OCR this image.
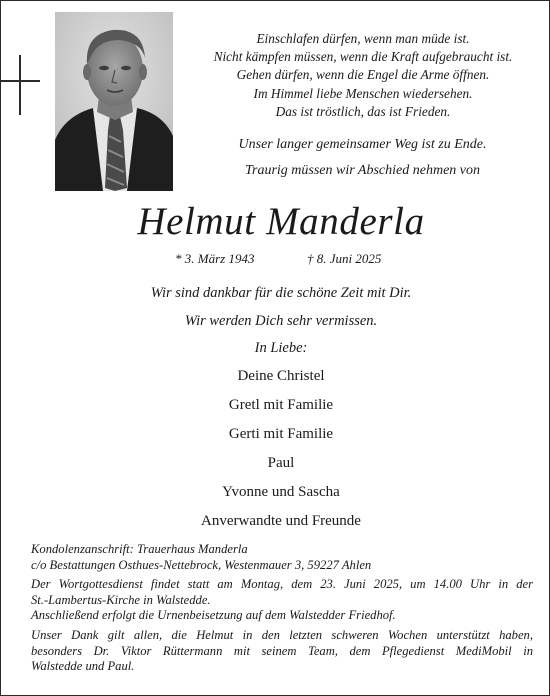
Einschlafen dürfen, wenn man müde ist.
Nicht kämpfen müssen, wenn die Kraft aufgebraucht ist.
Gehen dürfen, wenn die Engel die Arme öffnen.
Im Himmel liebe Menschen wiedersehen.
Das ist tröstlich, das ist Frieden.
Unser langer gemeinsamer Weg ist zu Ende.
Traurig müssen wir Abschied nehmen von
Helmut Manderla
* 3. März 1943	† 8. Juni 2025
Wir sind dankbar für die schöne Zeit mit Dir.
Wir werden Dich sehr vermissen.
In Liebe:
Deine Christel
Gretl mit Familie
Gerti mit Familie
Paul
Yvonne und Sascha
Anverwandte und Freunde
Kondolenzanschrift: Trauerhaus Manderla
c/o Bestattungen Osthues-Nettebrock, Westenmauer 3, 59227 Ahlen
Der Wortgottesdienst findet statt am Montag, dem 23. Juni 2025, um 14.00 Uhr in der
St.-Lambertus-Kirche in Walstedde.
Anschließend erfolgt die Urnenbeisetzung auf dem Walstedder Friedhof.
Unser Dank gilt allen, die Helmut in den letzten schweren Wochen unterstützt haben,
besonders Dr. Viktor Rüttermann mit seinem Team, dem Pflegedienst MediMobil in
Walstedde und Paul.
